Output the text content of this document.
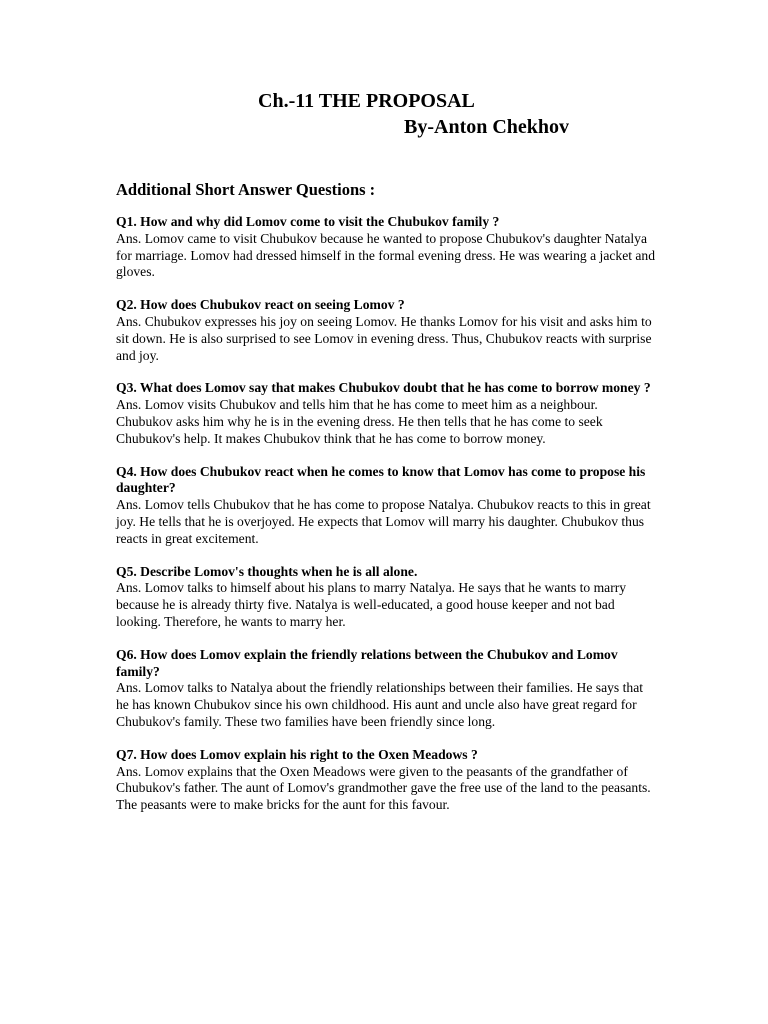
Ch.-11 THE PROPOSAL
By-Anton Chekhov
Additional Short Answer Questions :
Q1. How and why did Lomov come to visit the Chubukov family ?
Ans. Lomov came to visit Chubukov because he wanted to propose Chubukov's daughter Natalya for marriage. Lomov had dressed himself in the formal evening dress. He was wearing a jacket and gloves.
Q2. How does Chubukov react on seeing Lomov ?
Ans. Chubukov expresses his joy on seeing Lomov. He thanks Lomov for his visit and asks him to sit down. He is also surprised to see Lomov in evening dress. Thus, Chubukov reacts with surprise and joy.
Q3. What does Lomov say that makes Chubukov doubt that he has come to borrow money ?
Ans. Lomov visits Chubukov and tells him that he has come to meet him as a neighbour. Chubukov asks him why he is in the evening dress. He then tells that he has come to seek Chubukov's help. It makes Chubukov think that he has come to borrow money.
Q4. How does Chubukov react when he comes to know that Lomov has come to propose his daughter?
Ans. Lomov tells Chubukov that he has come to propose Natalya. Chubukov reacts to this in great joy. He tells that he is overjoyed. He expects that Lomov will marry his daughter. Chubukov thus reacts in great excitement.
Q5. Describe Lomov's thoughts when he is all alone.
Ans. Lomov talks to himself about his plans to marry Natalya. He says that he wants to marry because he is already thirty five. Natalya is well-educated, a good house keeper and not bad looking. Therefore, he wants to marry her.
Q6. How does Lomov explain the friendly relations between the Chubukov and Lomov family?
Ans. Lomov talks to Natalya about the friendly relationships between their families. He says that he has known Chubukov since his own childhood. His aunt and uncle also have great regard for Chubukov's family. These two families have been friendly since long.
Q7. How does Lomov explain his right to the Oxen Meadows ?
Ans. Lomov explains that the Oxen Meadows were given to the peasants of the grandfather of Chubukov's father. The aunt of Lomov's grandmother gave the free use of the land to the peasants. The peasants were to make bricks for the aunt for this favour.
